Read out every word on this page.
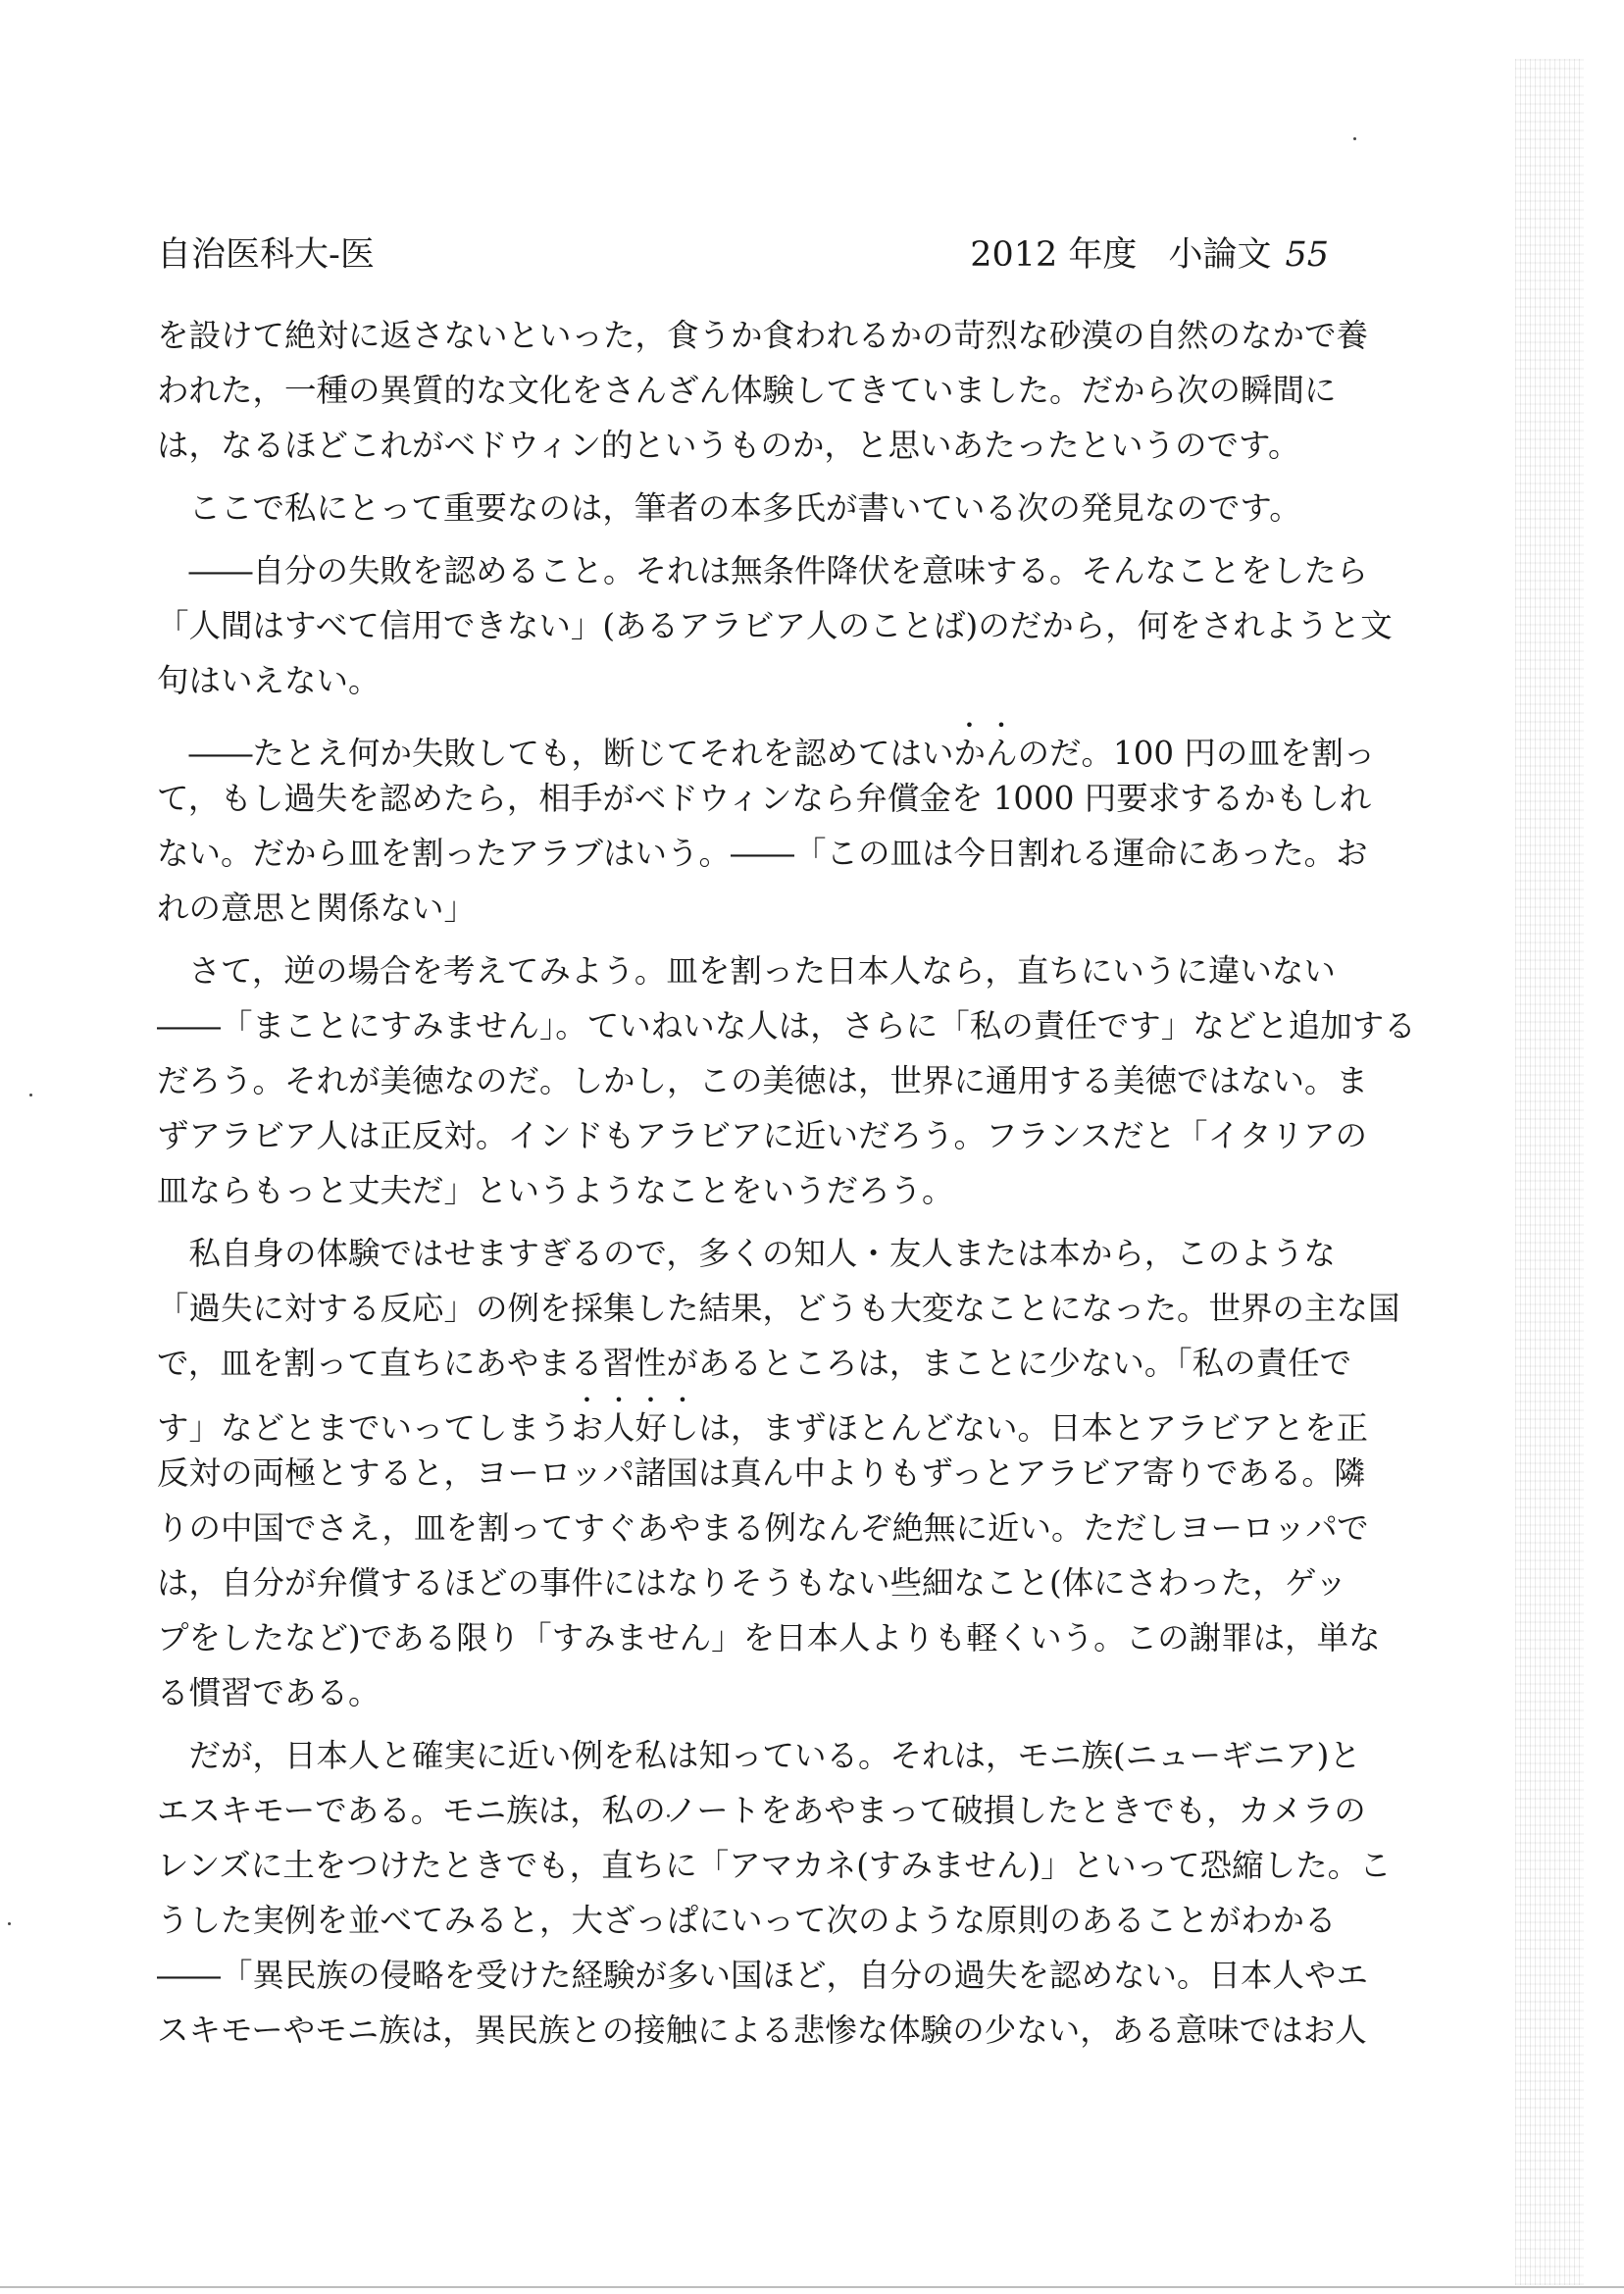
自治医科大-医	2012 年度 小論文 55
を設けて絶対に返さないといった，食うか食われるかの苛烈な砂漠の自然のなかで養
われた，一種の異質的な文化をさんざん体験してきていました。だから次の瞬間に
は，なるほどこれがベドウィン的というものか，と思いあたったというのです。
　ここで私にとって重要なのは，筆者の本多氏が書いている次の発見なのです。
　――自分の失敗を認めること。それは無条件降伏を意味する。そんなことをしたら
「人間はすべて信用できない」(あるアラビア人のことば)のだから，何をされようと文
句はいえない。
　――たとえ何か失敗しても，断じてそれを認めてはいかんのだ。100 円の皿を割っ
て，もし過失を認めたら，相手がベドウィンなら弁償金を 1000 円要求するかもしれ
ない。だから皿を割ったアラブはいう。――「この皿は今日割れる運命にあった。お
れの意思と関係ない」
　さて，逆の場合を考えてみよう。皿を割った日本人なら，直ちにいうに違いない
――「まことにすみません」。ていねいな人は，さらに「私の責任です」などと追加する
だろう。それが美徳なのだ。しかし，この美徳は，世界に通用する美徳ではない。ま
ずアラビア人は正反対。インドもアラビアに近いだろう。フランスだと「イタリアの
皿ならもっと丈夫だ」というようなことをいうだろう。
　私自身の体験ではせますぎるので，多くの知人・友人または本から，このような
「過失に対する反応」の例を採集した結果，どうも大変なことになった。世界の主な国
で，皿を割って直ちにあやまる習性があるところは，まことに少ない。「私の責任で
す」などとまでいってしまうお人好しは，まずほとんどない。日本とアラビアとを正
反対の両極とすると，ヨーロッパ諸国は真ん中よりもずっとアラビア寄りである。隣
りの中国でさえ，皿を割ってすぐあやまる例なんぞ絶無に近い。ただしヨーロッパで
は，自分が弁償するほどの事件にはなりそうもない些細なこと(体にさわった，ゲッ
プをしたなど)である限り「すみません」を日本人よりも軽くいう。この謝罪は，単な
る慣習である。
　だが，日本人と確実に近い例を私は知っている。それは，モニ族(ニューギニア)と
エスキモーである。モニ族は，私のノートをあやまって破損したときでも，カメラの
レンズに土をつけたときでも，直ちに「アマカネ(すみません)」といって恐縮した。こ
うした実例を並べてみると，大ざっぱにいって次のような原則のあることがわかる
――「異民族の侵略を受けた経験が多い国ほど，自分の過失を認めない。日本人やエ
スキモーやモニ族は，異民族との接触による悲惨な体験の少ない，ある意味ではお人
